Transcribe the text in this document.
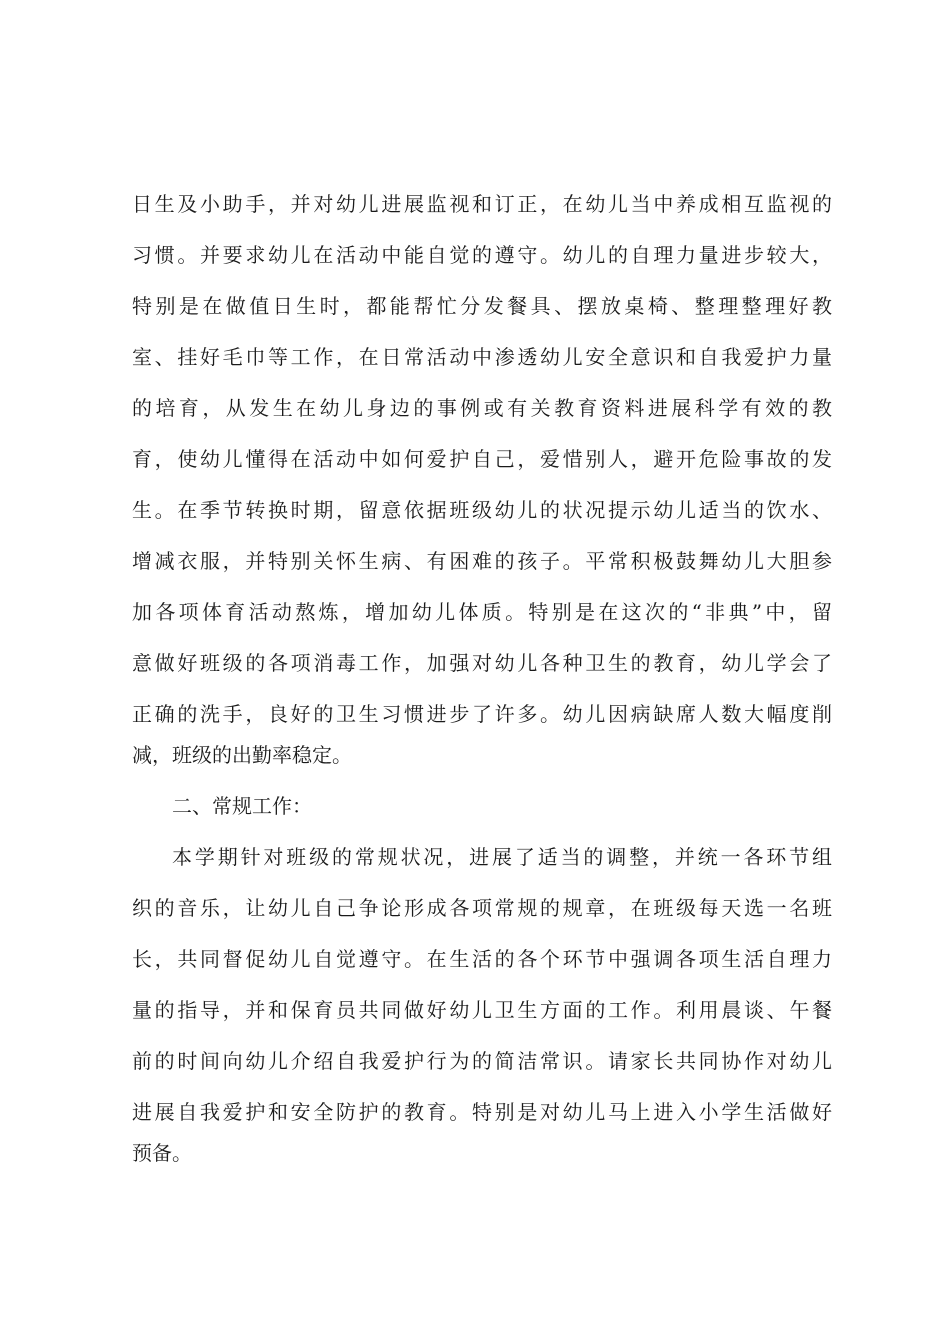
日生及小助手，并对幼儿进展监视和订正，在幼儿当中养成相互监视的
习惯。并要求幼儿在活动中能自觉的遵守。幼儿的自理力量进步较大，
特别是在做值日生时，都能帮忙分发餐具、摆放桌椅、整理整理好教
室、挂好毛巾等工作，在日常活动中渗透幼儿安全意识和自我爱护力量
的培育，从发生在幼儿身边的事例或有关教育资料进展科学有效的教
育，使幼儿懂得在活动中如何爱护自己，爱惜别人，避开危险事故的发
生。在季节转换时期，留意依据班级幼儿的状况提示幼儿适当的饮水、
增减衣服，并特别关怀生病、有困难的孩子。平常积极鼓舞幼儿大胆参
加各项体育活动熬炼，增加幼儿体质。特别是在这次的“非典”中，留
意做好班级的各项消毒工作，加强对幼儿各种卫生的教育，幼儿学会了
正确的洗手，良好的卫生习惯进步了许多。幼儿因病缺席人数大幅度削
减，班级的出勤率稳定。
二、常规工作：
本学期针对班级的常规状况，进展了适当的调整，并统一各环节组
织的音乐，让幼儿自己争论形成各项常规的规章，在班级每天选一名班
长，共同督促幼儿自觉遵守。在生活的各个环节中强调各项生活自理力
量的指导，并和保育员共同做好幼儿卫生方面的工作。利用晨谈、午餐
前的时间向幼儿介绍自我爱护行为的简洁常识。请家长共同协作对幼儿
进展自我爱护和安全防护的教育。特别是对幼儿马上进入小学生活做好
预备。
